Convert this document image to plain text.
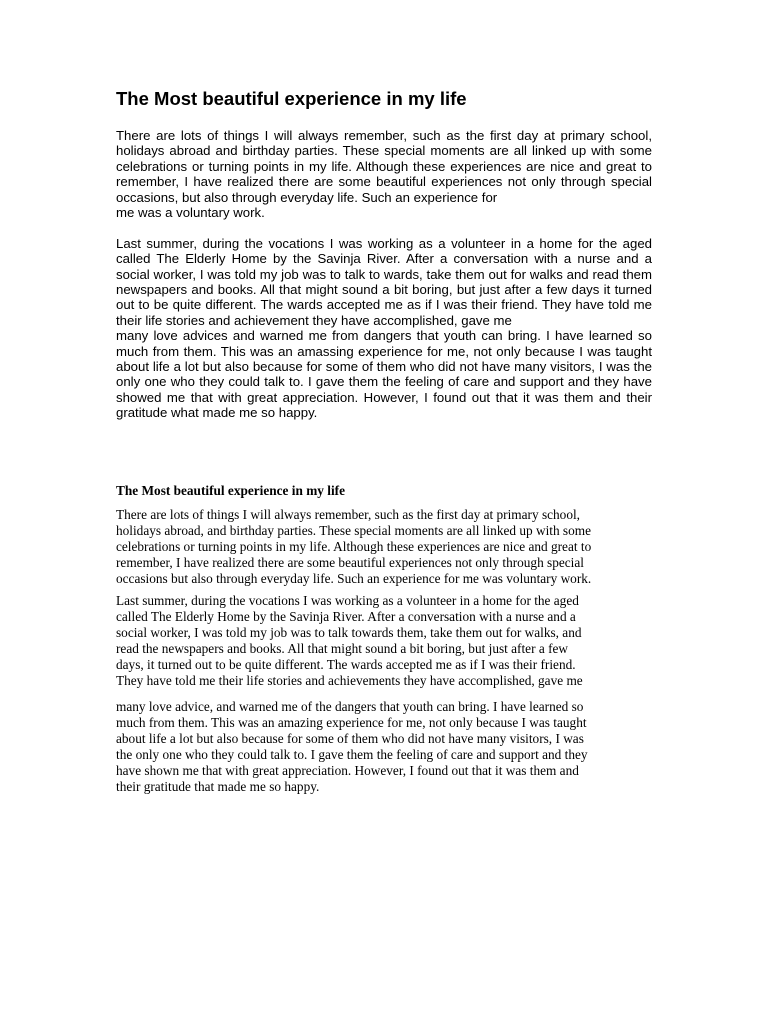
The Most beautiful experience in my life
There are lots of things I will always remember, such as the first day at primary school, holidays abroad and birthday parties. These special moments are all linked up with some celebrations or turning points in my life. Although these experiences are nice and great to remember, I have realized there are some beautiful experiences not only through special occasions, but also through everyday life. Such an experience for
me was a voluntary work.
Last summer, during the vocations I was working as a volunteer in a home for the aged called The Elderly Home by the Savinja River. After a conversation with a nurse and a social worker, I was told my job was to talk to wards, take them out for walks and read them newspapers and books. All that might sound a bit boring, but just after a few days it turned out to be quite different. The wards accepted me as if I was their friend. They have told me their life stories and achievement they have accomplished, gave me
many love advices and warned me from dangers that youth can bring. I have learned so much from them. This was an amassing experience for me, not only because I was taught about life a lot but also because for some of them who did not have many visitors, I was the only one who they could talk to. I gave them the feeling of care and support and they have showed me that with great appreciation. However, I found out that it was them and their gratitude what made me so happy.
The Most beautiful experience in my life
There are lots of things I will always remember, such as the first day at primary school,
holidays abroad, and birthday parties. These special moments are all linked up with some
celebrations or turning points in my life. Although these experiences are nice and great to
remember, I have realized there are some beautiful experiences not only through special
occasions but also through everyday life. Such an experience for me was voluntary work.
Last summer, during the vocations I was working as a volunteer in a home for the aged
called The Elderly Home by the Savinja River. After a conversation with a nurse and a
social worker, I was told my job was to talk towards them, take them out for walks, and
read the newspapers and books. All that might sound a bit boring, but just after a few
days, it turned out to be quite different. The wards accepted me as if I was their friend.
They have told me their life stories and achievements they have accomplished, gave me
many love advice, and warned me of the dangers that youth can bring. I have learned so
much from them. This was an amazing experience for me, not only because I was taught
about life a lot but also because for some of them who did not have many visitors, I was
the only one who they could talk to. I gave them the feeling of care and support and they
have shown me that with great appreciation. However, I found out that it was them and
their gratitude that made me so happy.
